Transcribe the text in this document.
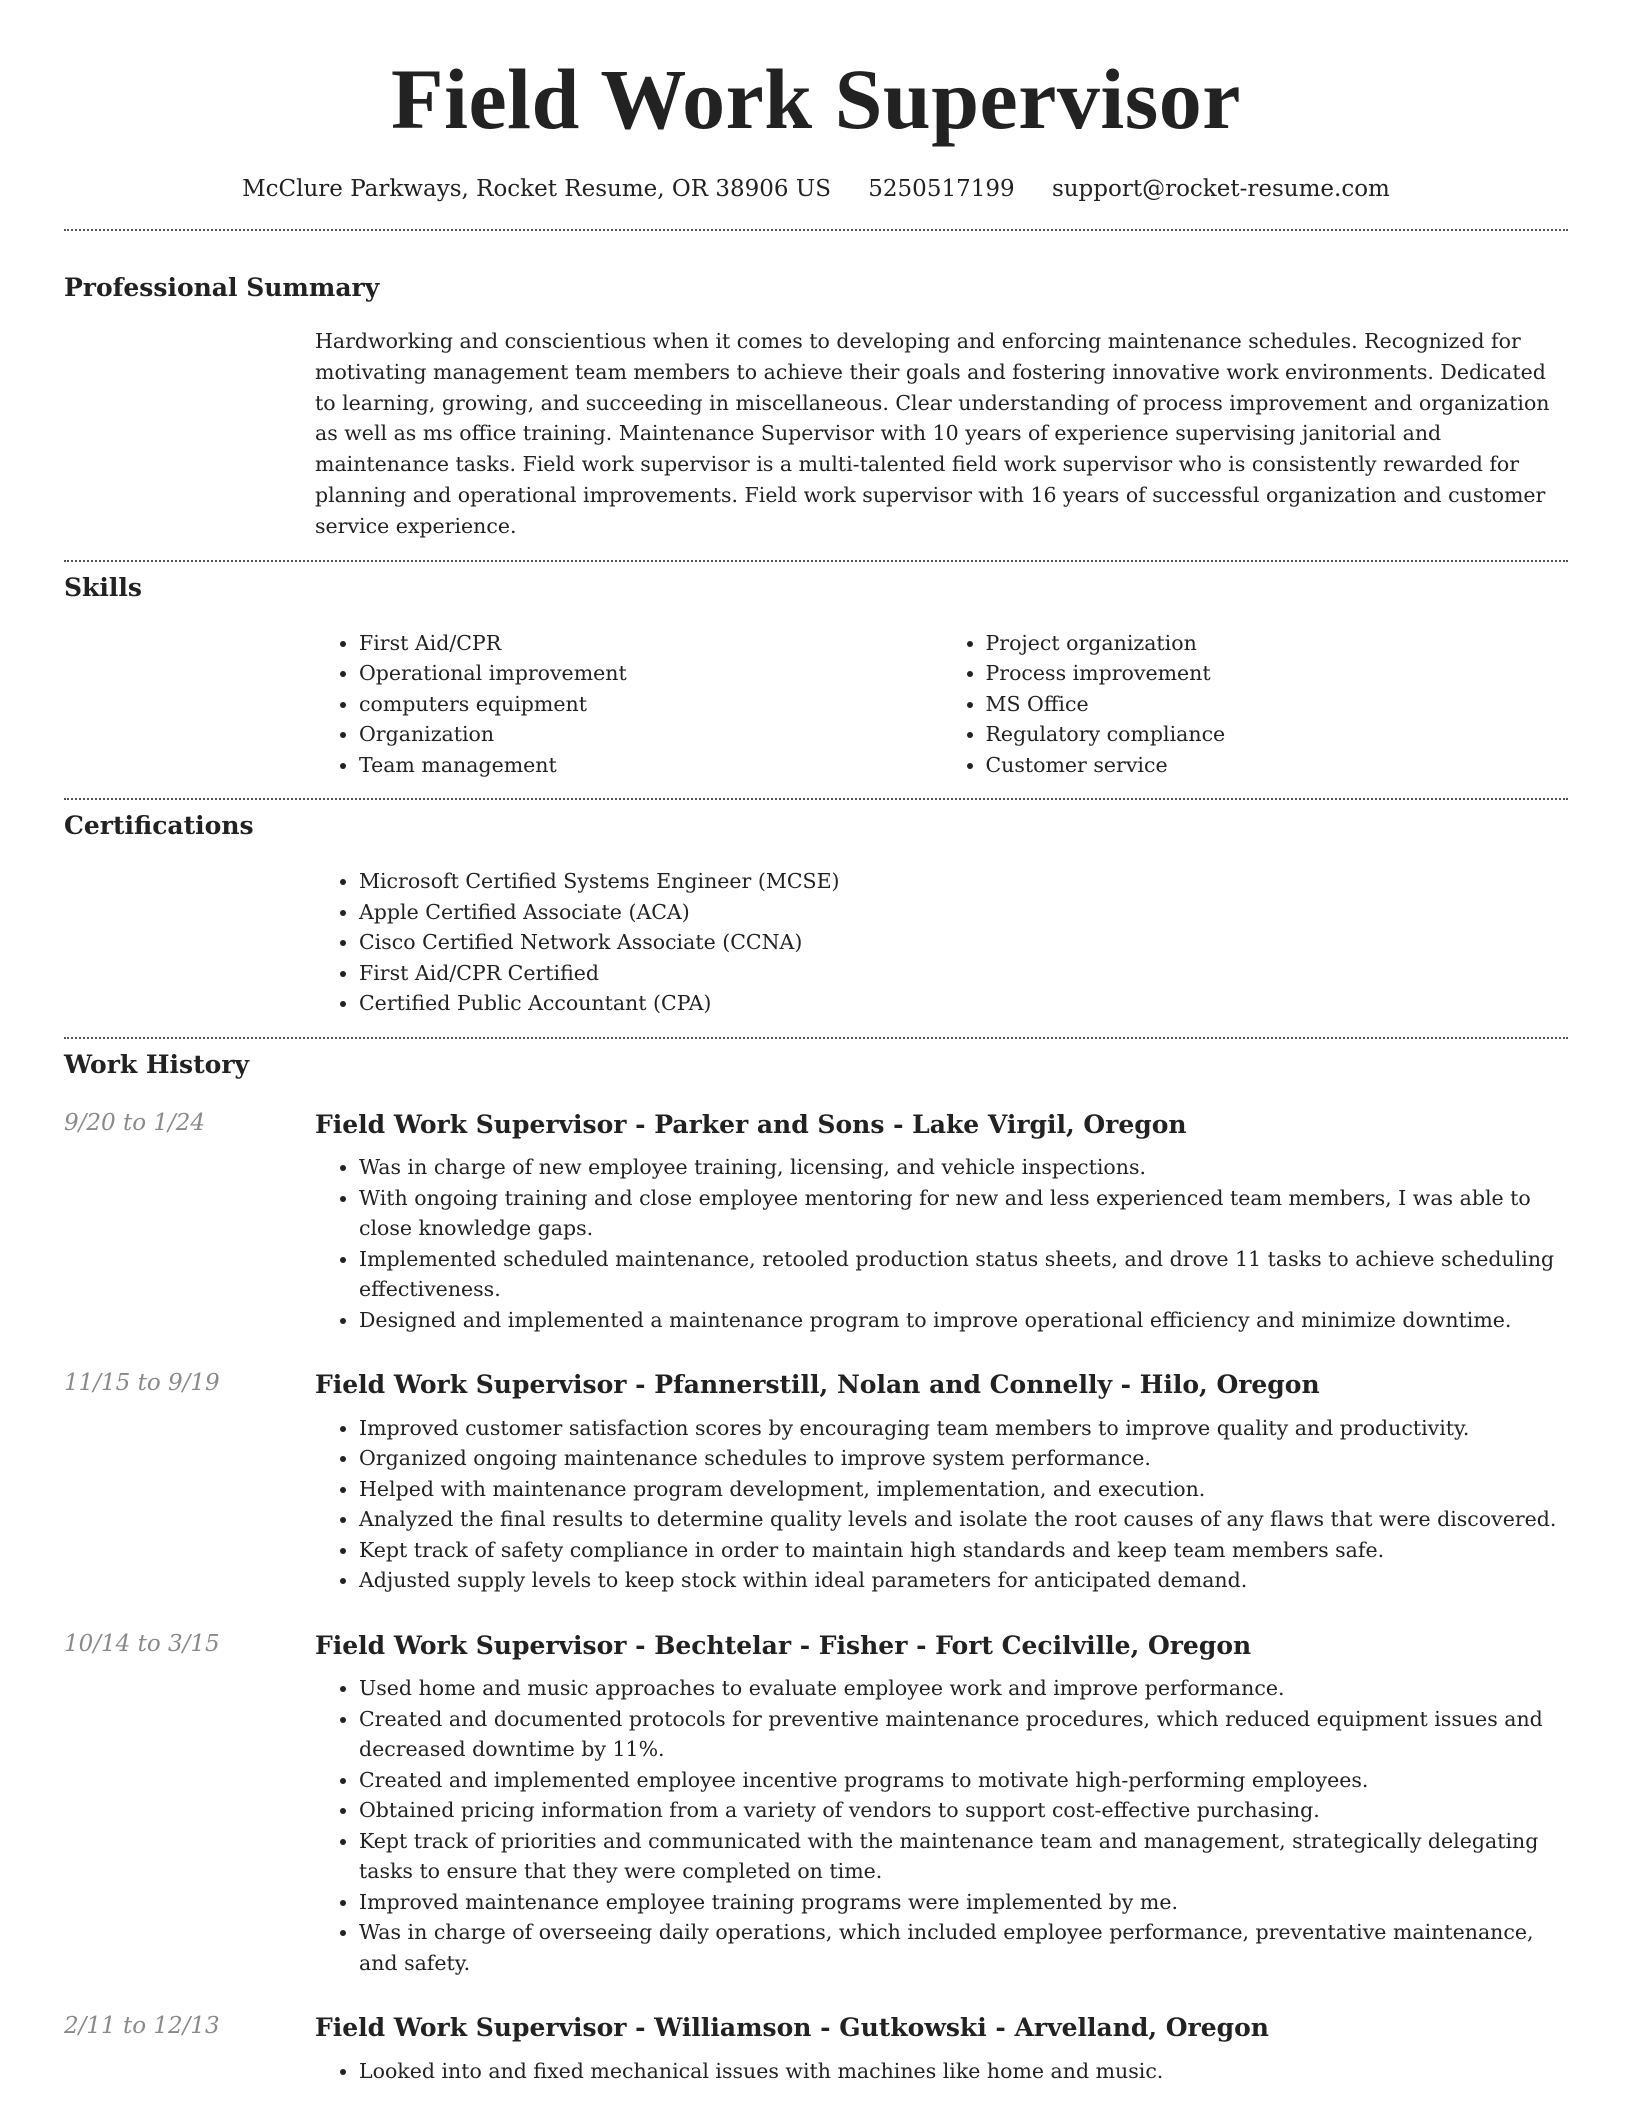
Field Work Supervisor
McClure Parkways, Rocket Resume, OR 38906 US 5250517199 support@rocket-resume.com
Professional Summary

Hardworking and conscientious when it comes to developing and enforcing maintenance schedules. Recognized for motivating management team members to achieve their goals and fostering innovative work environments. Dedicated to learning, growing, and succeeding in miscellaneous. Clear understanding of process improvement and organization as well as ms office training. Maintenance Supervisor with 10 years of experience supervising janitorial and maintenance tasks. Field work supervisor is a multi-talented field work supervisor who is consistently rewarded for planning and operational improvements. Field work supervisor with 16 years of successful organization and customer service experience.

Skills
• First Aid/CPR
• Operational improvement
• computers equipment
• Organization
• Team management
• Project organization
• Process improvement
• MS Office
• Regulatory compliance
• Customer service
Certifications
• Microsoft Certified Systems Engineer (MCSE)
• Apple Certified Associate (ACA)
• Cisco Certified Network Associate (CCNA)
• First Aid/CPR Certified
• Certified Public Accountant (CPA)
Work History
9/20 to 1/24	Field Work Supervisor - Parker and Sons - Lake Virgil, Oregon
• Was in charge of new employee training, licensing, and vehicle inspections.
• With ongoing training and close employee mentoring for new and less experienced team members, I was able to close knowledge gaps.
• Implemented scheduled maintenance, retooled production status sheets, and drove 11 tasks to achieve scheduling effectiveness.
• Designed and implemented a maintenance program to improve operational efficiency and minimize downtime.
11/15 to 9/19	Field Work Supervisor - Pfannerstill, Nolan and Connelly - Hilo, Oregon
• Improved customer satisfaction scores by encouraging team members to improve quality and productivity.
• Organized ongoing maintenance schedules to improve system performance.
• Helped with maintenance program development, implementation, and execution.
• Analyzed the final results to determine quality levels and isolate the root causes of any flaws that were discovered.
• Kept track of safety compliance in order to maintain high standards and keep team members safe.
• Adjusted supply levels to keep stock within ideal parameters for anticipated demand.
10/14 to 3/15	Field Work Supervisor - Bechtelar - Fisher - Fort Cecilville, Oregon
• Used home and music approaches to evaluate employee work and improve performance.
• Created and documented protocols for preventive maintenance procedures, which reduced equipment issues and decreased downtime by 11%.
• Created and implemented employee incentive programs to motivate high-performing employees.
• Obtained pricing information from a variety of vendors to support cost-effective purchasing.
• Kept track of priorities and communicated with the maintenance team and management, strategically delegating tasks to ensure that they were completed on time.
• Improved maintenance employee training programs were implemented by me.
• Was in charge of overseeing daily operations, which included employee performance, preventative maintenance, and safety.
2/11 to 12/13	Field Work Supervisor - Williamson - Gutkowski - Arvelland, Oregon
• Looked into and fixed mechanical issues with machines like home and music.
